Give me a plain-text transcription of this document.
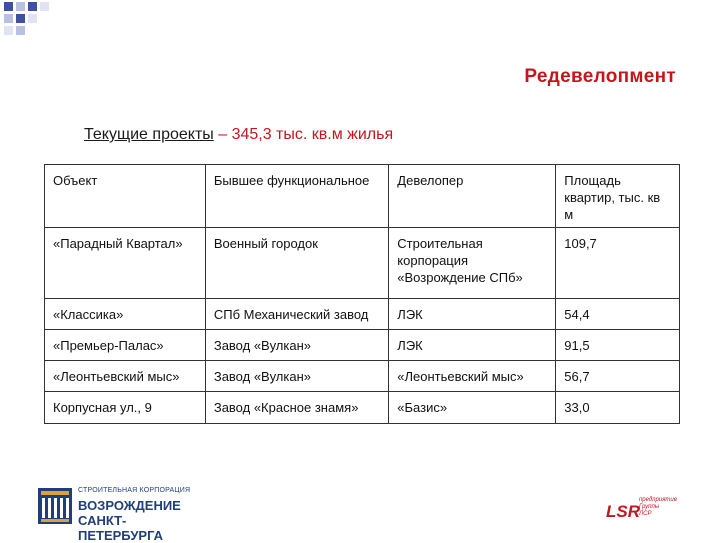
Редевелопмент
Текущие проекты – 345,3 тыс. кв.м жилья
Объект	Бывшее функциональное	Девелопер	Площадь квартир, тыс. кв м
«Парадный Квартал»	Военный городок	Строительная корпорация «Возрождение СПб»	109,7
«Классика»	СПб Механический завод	ЛЭК	54,4
«Премьер-Палас»	Завод «Вулкан»	ЛЭК	91,5
«Леонтьевский мыс»	Завод «Вулкан»	«Леонтьевский мыс»	56,7
Корпусная ул., 9	Завод «Красное знамя»	«Базис»	33,0
СТРОИТЕЛЬНАЯ КОРПОРАЦИЯ
ВОЗРОЖДЕНИЕ
САНКТ-ПЕТЕРБУРГА
LSR
предприятие
Группы
ЛСР
